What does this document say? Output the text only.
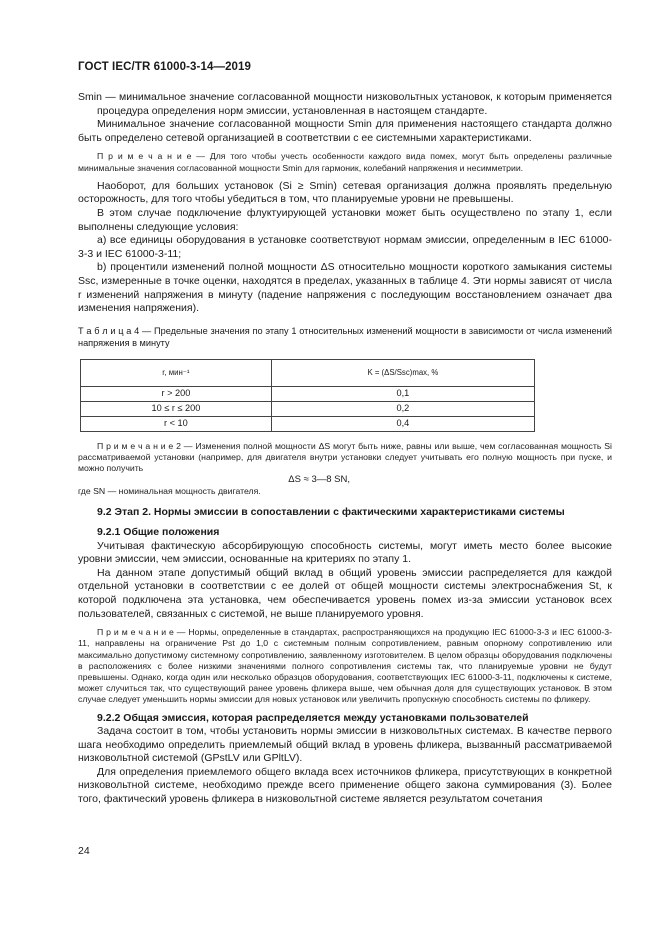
ГОСТ IEC/TR 61000-3-14—2019

Smin — минимальное значение согласованной мощности низковольтных установок, к которым применяется процедура определения норм эмиссии, установленная в настоящем стандарте.

Минимальное значение согласованной мощности Smin для применения настоящего стандарта должно быть определено сетевой организацией в соответствии с ее системными характеристиками.

П р и м е ч а н и е — Для того чтобы учесть особенности каждого вида помех, могут быть определены различные минимальные значения согласованной мощности Smin для гармоник, колебаний напряжения и несимметрии.

Наоборот, для больших установок (Si ≥ Smin) сетевая организация должна проявлять предельную осторожность, для того чтобы убедиться в том, что планируемые уровни не превышены.

В этом случае подключение флуктуирующей установки может быть осуществлено по этапу 1, если выполнены следующие условия:

a) все единицы оборудования в установке соответствуют нормам эмиссии, определенным в IEC 61000-3-3 и IEC 61000-3-11;

b) процентили изменений полной мощности ΔS относительно мощности короткого замыкания системы Ssc, измеренные в точке оценки, находятся в пределах, указанных в таблице 4. Эти нормы зависят от числа r изменений напряжения в минуту (падение напряжения с последующим восстановлением означает два изменения напряжения).

Т а б л и ц а 4 — Предельные значения по этапу 1 относительных изменений мощности в зависимости от числа изменений напряжения в минуту

r, мин⁻¹	K = (ΔS/Ssc)max, %
r > 200	0,1
10 ≤ r ≤ 200	0,2
r < 10	0,4

П р и м е ч а н и е 2 — Изменения полной мощности ΔS могут быть ниже, равны или выше, чем согласованная мощность Si рассматриваемой установки (например, для двигателя внутри установки следует учитывать его полную мощность при пуске, и можно получить

ΔS ≈ 3—8 SN,

где SN — номинальная мощность двигателя.

9.2 Этап 2. Нормы эмиссии в сопоставлении с фактическими характеристиками системы

9.2.1 Общие положения

Учитывая фактическую абсорбирующую способность системы, могут иметь место более высокие уровни эмиссии, чем эмиссии, основанные на критериях по этапу 1.

На данном этапе допустимый общий вклад в общий уровень эмиссии распределяется для каждой отдельной установки в соответствии с ее долей от общей мощности системы электроснабжения St, к которой подключена эта установка, чем обеспечивается уровень помех из-за эмиссии установок всех пользователей, связанных с системой, не выше планируемого уровня.

П р и м е ч а н и е — Нормы, определенные в стандартах, распространяющихся на продукцию IEC 61000-3-3 и IEC 61000-3-11, направлены на ограничение Pst до 1,0 с системным полным сопротивлением, равным опорному сопротивлению или максимально допустимому системному сопротивлению, заявленному изготовителем. В целом образцы оборудования подключены в расположениях с более низкими значениями полного сопротивления системы так, что планируемые уровни не будут превышены. Однако, когда один или несколько образцов оборудования, соответствующих IEC 61000-3-11, подключены к системе, может случиться так, что существующий ранее уровень фликера выше, чем обычная доля для существующих установок. В этом случае следует уменьшить нормы эмиссии для новых установок или увеличить пропускную способность системы по фликеру.

9.2.2 Общая эмиссия, которая распределяется между установками пользователей

Задача состоит в том, чтобы установить нормы эмиссии в низковольтных системах. В качестве первого шага необходимо определить приемлемый общий вклад в уровень фликера, вызванный рассматриваемой низковольтной системой (GPstLV или GPltLV).

Для определения приемлемого общего вклада всех источников фликера, присутствующих в конкретной низковольтной системе, необходимо прежде всего применение общего закона суммирования (3). Более того, фактический уровень фликера в низковольтной системе является результатом сочетания

24
